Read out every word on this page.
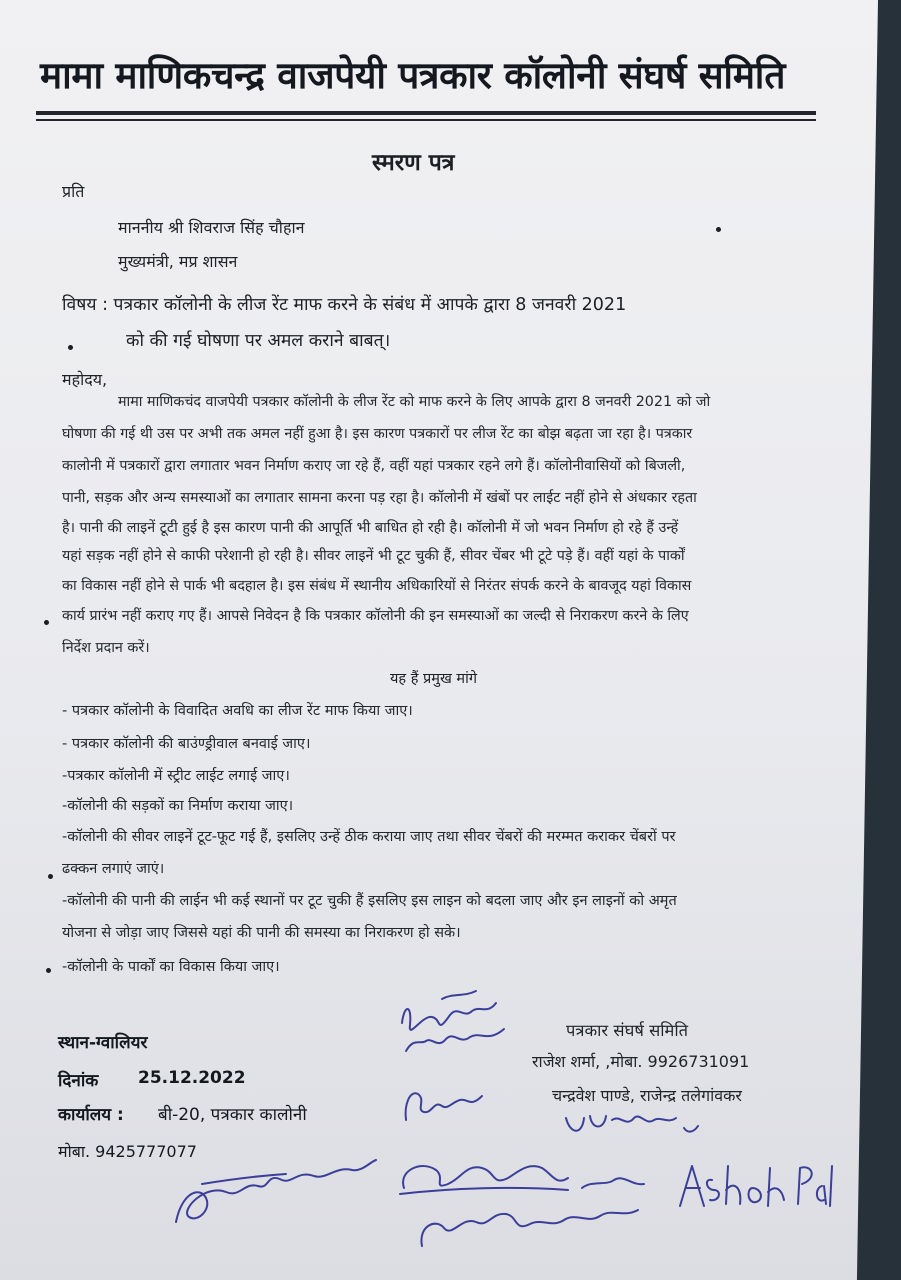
मामा माणिकचन्द्र वाजपेयी पत्रकार कॉलोनी संघर्ष समिति
स्मरण पत्र
प्रति
माननीय श्री शिवराज सिंह चौहान
मुख्यमंत्री, मप्र शासन
विषय : पत्रकार कॉलोनी के लीज रेंट माफ करने के संबंध में आपके द्वारा 8 जनवरी 2021
को की गई घोषणा पर अमल कराने बाबत्।
महोदय,
मामा माणिकचंद वाजपेयी पत्रकार कॉलोनी के लीज रेंट को माफ करने के लिए आपके द्वारा 8 जनवरी 2021 को जो
घोषणा की गई थी उस पर अभी तक अमल नहीं हुआ है। इस कारण पत्रकारों पर लीज रेंट का बोझ बढ़ता जा रहा है। पत्रकार
कालोनी में पत्रकारों द्वारा लगातार भवन निर्माण कराए जा रहे हैं, वहीं यहां पत्रकार रहने लगे हैं। कॉलोनीवासियों को बिजली,
पानी, सड़क और अन्य समस्याओं का लगातार सामना करना पड़ रहा है। कॉलोनी में खंबों पर लाईट नहीं होने से अंधकार रहता
है। पानी की लाइनें टूटी हुई है इस कारण पानी की आपूर्ति भी बाधित हो रही है। कॉलोनी में जो भवन निर्माण हो रहे हैं उन्हें
यहां सड़क नहीं होने से काफी परेशानी हो रही है। सीवर लाइनें भी टूट चुकी हैं, सीवर चेंबर भी टूटे पड़े हैं। वहीं यहां के पार्कों
का विकास नहीं होने से पार्क भी बदहाल है। इस संबंध में स्थानीय अधिकारियों से निरंतर संपर्क करने के बावजूद यहां विकास
कार्य प्रारंभ नहीं कराए गए हैं। आपसे निवेदन है कि पत्रकार कॉलोनी की इन समस्याओं का जल्दी से निराकरण करने के लिए
निर्देश प्रदान करें।
यह हैं प्रमुख मांगे
- पत्रकार कॉलोनी के विवादित अवधि का लीज रेंट माफ किया जाए।
- पत्रकार कॉलोनी की बाउंण्ड्रीवाल बनवाई जाए।
-पत्रकार कॉलोनी में स्ट्रीट लाईट लगाई जाए।
-कॉलोनी की सड़कों का निर्माण कराया जाए।
-कॉलोनी की सीवर लाइनें टूट-फूट गई हैं, इसलिए उन्हें ठीक कराया जाए तथा सीवर चेंबरों की मरम्मत कराकर चेंबरों पर
ढक्कन लगाएं जाएं।
-कॉलोनी की पानी की लाईन भी कई स्थानों पर टूट चुकी हैं इसलिए इस लाइन को बदला जाए और इन लाइनों को अमृत
योजना से जोड़ा जाए जिससे यहां की पानी की समस्या का निराकरण हो सके।
-कॉलोनी के पार्कों का विकास किया जाए।
स्थान-ग्वालियर
दिनांक 25.12.2022
कार्यालय : बी-20, पत्रकार कालोनी
मोबा. 9425777077
पत्रकार संघर्ष समिति
राजेश शर्मा, ,मोबा. 9926731091
चन्द्रवेश पाण्डे, राजेन्द्र तलेगांवकर
